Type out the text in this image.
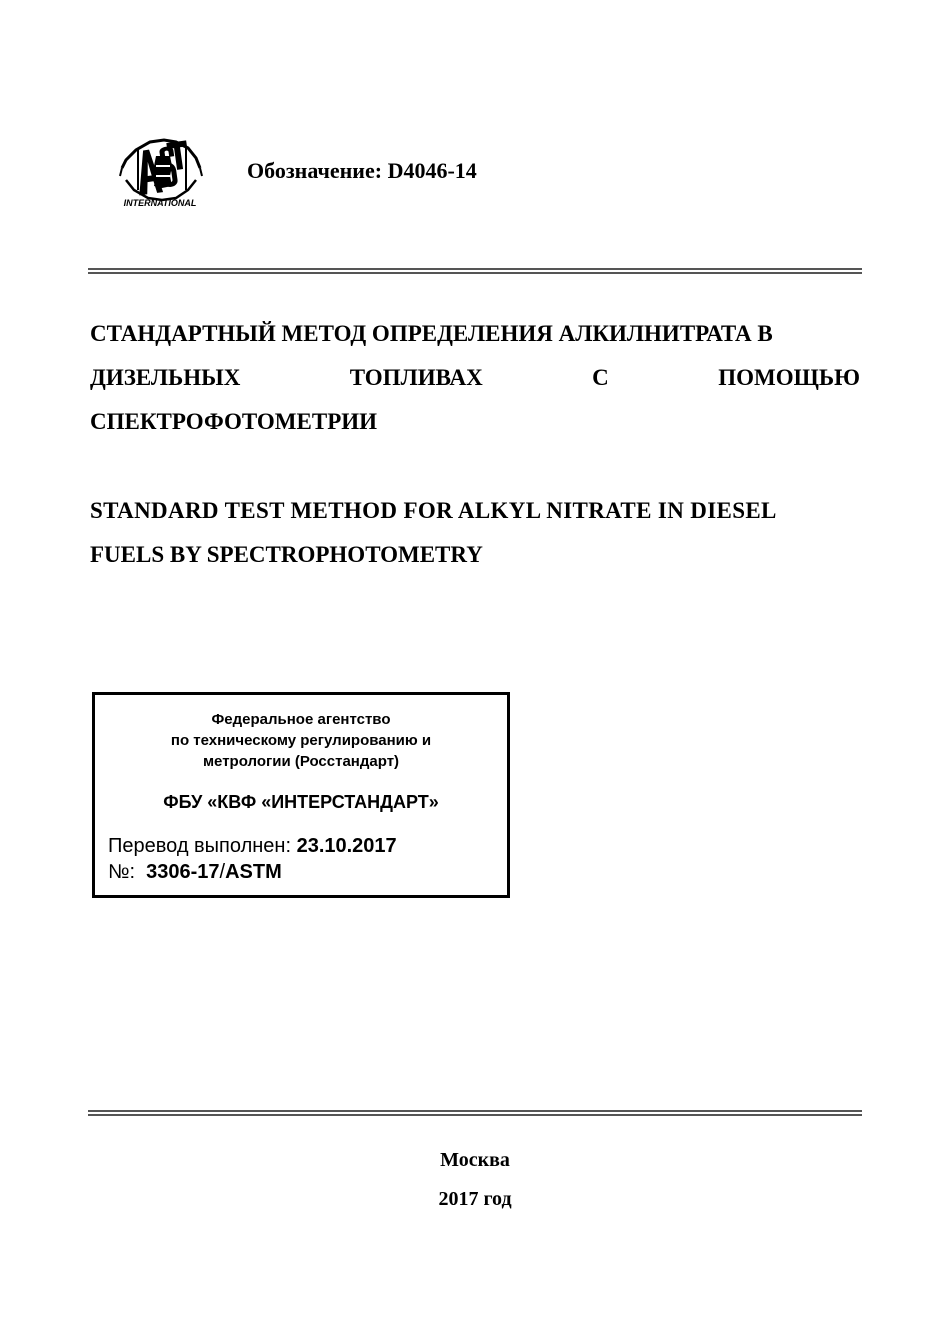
INTERNATIONAL
Обозначение: D4046-14
СТАНДАРТНЫЙ МЕТОД ОПРЕДЕЛЕНИЯ АЛКИЛНИТРАТА В
ДИЗЕЛЬНЫХ	ТОПЛИВАХ	С	ПОМОЩЬЮ
СПЕКТРОФОТОМЕТРИИ
STANDARD TEST METHOD FOR ALKYL NITRATE IN DIESEL
FUELS BY SPECTROPHOTOMETRY
Федеральное агентство
по техническому регулированию и
метрологии (Росстандарт)
ФБУ «КВФ «ИНТЕРСТАНДАРТ»
Перевод выполнен: 23.10.2017
№: 3306-17/ASTM
Москва
2017 год
